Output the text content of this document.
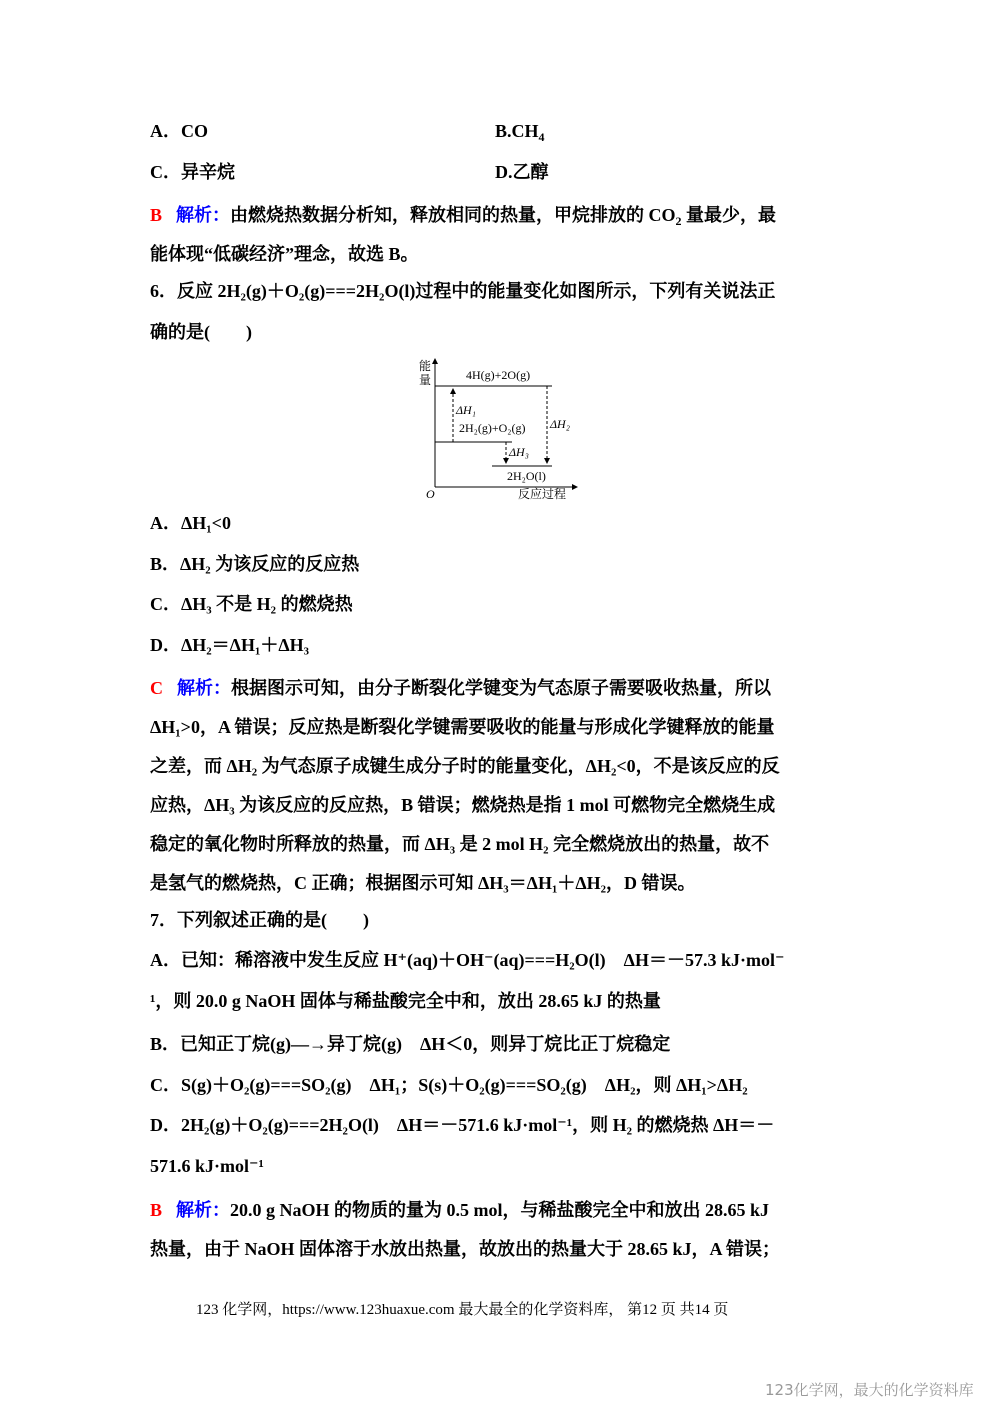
A．CO	$B.CH_4$
C．异辛烷	D.乙醇
B 解析：由燃烧热数据分析知，释放相同的热量，甲烷排放的 $CO_2$ 量最少，最
能体现“低碳经济”理念，故选 B。
6．反应 2H₂(g)＋O₂(g)===2H₂O(l)过程中的能量变化如图所示，下列有关说法正
确的是(　　)
能
量	4H(g)+2O(g)
ΔH₁
2H₂(g)+O₂(g) ΔH₂
ΔH₃
2H₂O(l)
O	反应过程
A．ΔH₁<0
B．ΔH₂ 为该反应的反应热
C．ΔH₃ 不是 H₂ 的燃烧热
D．ΔH₂＝ΔH₁＋ΔH₃
C 解析：根据图示可知，由分子断裂化学键变为气态原子需要吸收热量，所以
ΔH₁>0，A 错误；反应热是断裂化学键需要吸收的能量与形成化学键释放的能量
之差，而 ΔH₂ 为气态原子成键生成分子时的能量变化，ΔH₂<0，不是该反应的反
应热，ΔH₃ 为该反应的反应热，B 错误；燃烧热是指 1 mol 可燃物完全燃烧生成
稳定的氧化物时所释放的热量，而 ΔH₃ 是 2 mol H₂ 完全燃烧放出的热量，故不
是氢气的燃烧热，C 正确；根据图示可知 ΔH₃＝ΔH₁＋ΔH₂，D 错误。
7．下列叙述正确的是(　　)
A．已知：稀溶液中发生反应 H⁺(aq)＋OH⁻(aq)===H₂O(l)　ΔH＝－57.3 kJ·mol⁻
¹，则 20.0 g NaOH 固体与稀盐酸完全中和，放出 28.65 kJ 的热量
B．已知正丁烷(g)―→异丁烷(g)　ΔH＜0，则异丁烷比正丁烷稳定
C．S(g)＋O₂(g)===SO₂(g)　ΔH₁；S(s)＋O₂(g)===SO₂(g)　ΔH₂，则 ΔH₁>ΔH₂
D．2H₂(g)＋O₂(g)===2H₂O(l)　ΔH＝－571.6 kJ·mol⁻¹，则 H₂ 的燃烧热 ΔH＝－
571.6 kJ·mol⁻¹
B 解析：20.0 g NaOH 的物质的量为 0.5 mol，与稀盐酸完全中和放出 28.65 kJ
热量，由于 NaOH 固体溶于水放出热量，故放出的热量大于 28.65 kJ，A 错误；
123 化学网，https://www.123huaxue.com 最大最全的化学资料库， 第12 页 共14 页
123化学网，最大的化学资料库
